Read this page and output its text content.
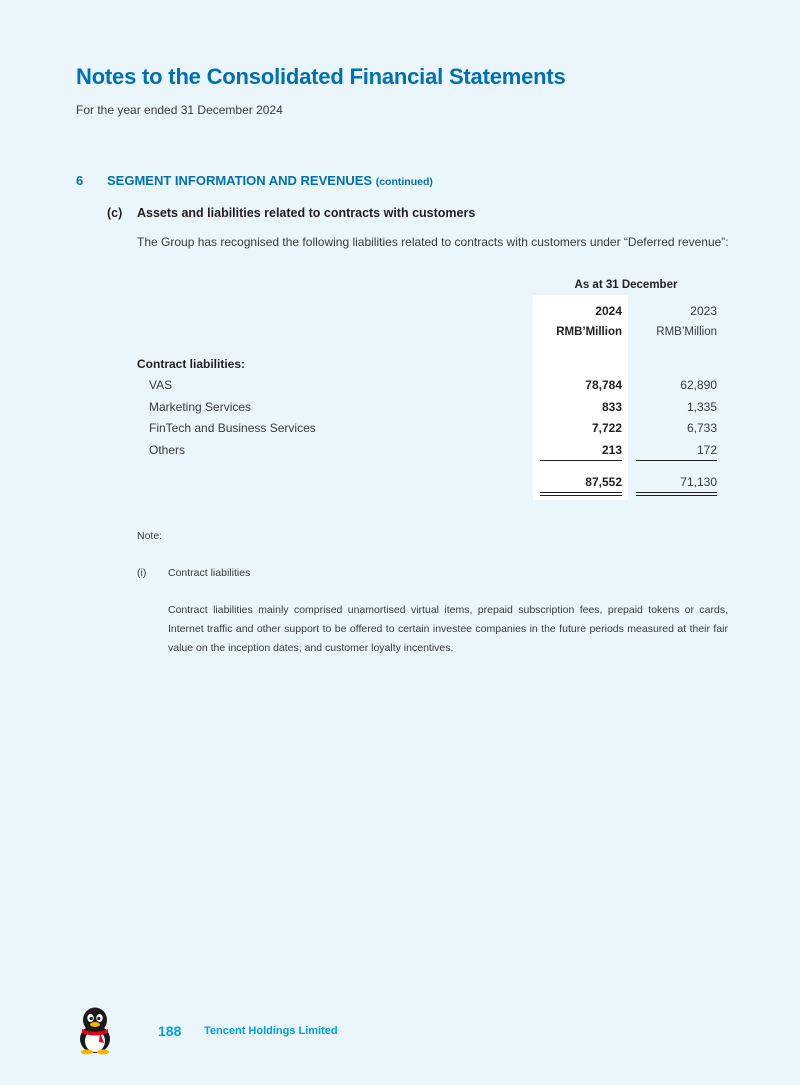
Notes to the Consolidated Financial Statements
For the year ended 31 December 2024
6 SEGMENT INFORMATION AND REVENUES (continued)
(c) Assets and liabilities related to contracts with customers
The Group has recognised the following liabilities related to contracts with customers under “Deferred revenue”:
As at 31 December
2024	2023
RMB’Million	RMB’Million
Contract liabilities:
VAS	78,784	62,890
Marketing Services	833	1,335
FinTech and Business Services	7,722	6,733
Others	213	172
87,552	71,130
Note:
(i) Contract liabilities
Contract liabilities mainly comprised unamortised virtual items, prepaid subscription fees, prepaid tokens or cards, Internet traffic and other support to be offered to certain investee companies in the future periods measured at their fair value on the inception dates, and customer loyalty incentives.
188 Tencent Holdings Limited
